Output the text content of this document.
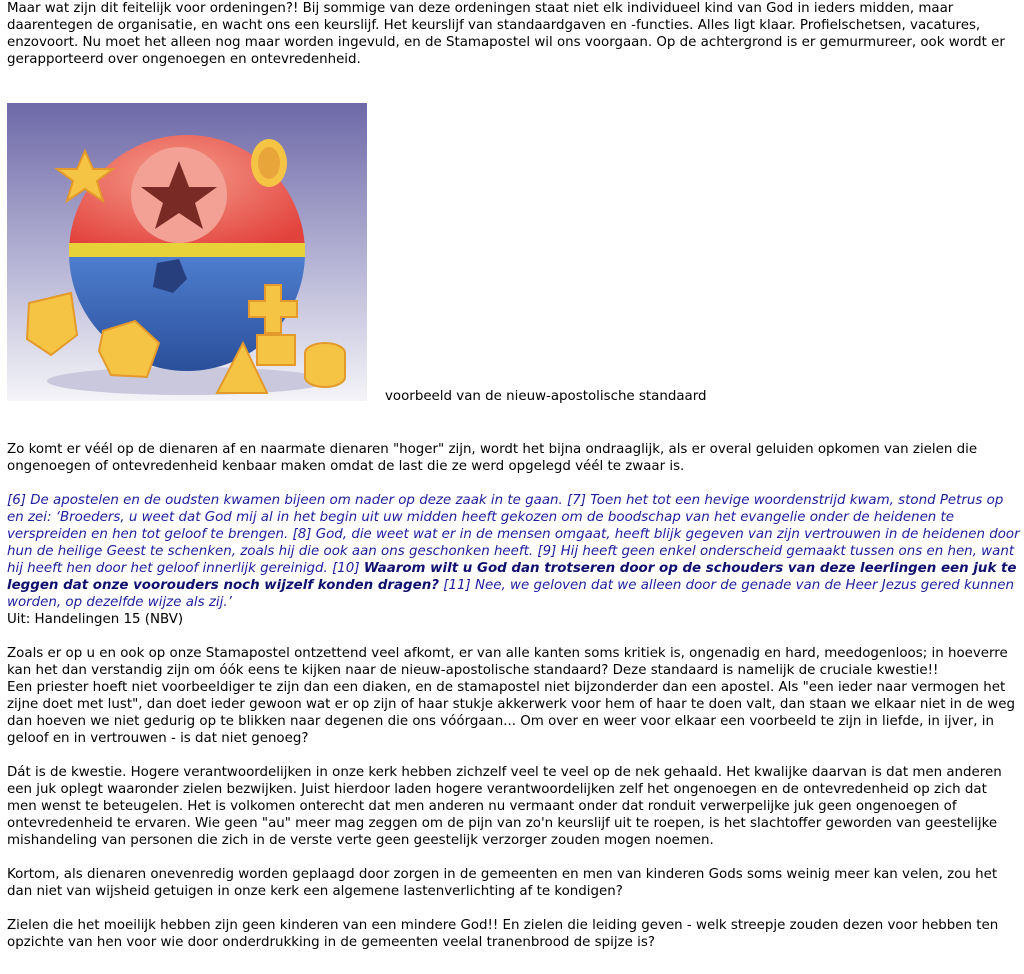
Maar wat zijn dit feitelijk voor ordeningen?! Bij sommige van deze ordeningen staat niet elk individueel kind van God in ieders midden, maar

daarentegen de organisatie, en wacht ons een keurslijf. Het keurslijf van standaardgaven en -functies. Alles ligt klaar. Profielschetsen, vacatures,

enzovoort. Nu moet het alleen nog maar worden ingevuld, en de Stamapostel wil ons voorgaan. Op de achtergrond is er gemurmureer, ook wordt er

gerapporteerd over ongenoegen en ontevredenheid.

voorbeeld van de nieuw-apostolische standaard

Zo komt er véél op de dienaren af en naarmate dienaren "hoger" zijn, wordt het bijna ondraaglijk, als er overal geluiden opkomen van zielen die

ongenoegen of ontevredenheid kenbaar maken omdat de last die ze werd opgelegd véél te zwaar is.

[6] De apostelen en de oudsten kwamen bijeen om nader op deze zaak in te gaan. [7] Toen het tot een hevige woordenstrijd kwam, stond Petrus op

en zei: ‘Broeders, u weet dat God mij al in het begin uit uw midden heeft gekozen om de boodschap van het evangelie onder de heidenen te

verspreiden en hen tot geloof te brengen. [8] God, die weet wat er in de mensen omgaat, heeft blijk gegeven van zijn vertrouwen in de heidenen door

hun de heilige Geest te schenken, zoals hij die ook aan ons geschonken heeft. [9] Hij heeft geen enkel onderscheid gemaakt tussen ons en hen, want

hij heeft hen door het geloof innerlijk gereinigd. [10] Waarom wilt u God dan trotseren door op de schouders van deze leerlingen een juk te

leggen dat onze voorouders noch wijzelf konden dragen? [11] Nee, we geloven dat we alleen door de genade van de Heer Jezus gered kunnen

worden, op dezelfde wijze als zij.’

Uit: Handelingen 15 (NBV)

Zoals er op u en ook op onze Stamapostel ontzettend veel afkomt, er van alle kanten soms kritiek is, ongenadig en hard, meedogenloos; in hoeverre

kan het dan verstandig zijn om óók eens te kijken naar de nieuw-apostolische standaard? Deze standaard is namelijk de cruciale kwestie!!

Een priester hoeft niet voorbeeldiger te zijn dan een diaken, en de stamapostel niet bijzonderder dan een apostel. Als "een ieder naar vermogen het

zijne doet met lust", dan doet ieder gewoon wat er op zijn of haar stukje akkerwerk voor hem of haar te doen valt, dan staan we elkaar niet in de weg

dan hoeven we niet gedurig op te blikken naar degenen die ons vóórgaan... Om over en weer voor elkaar een voorbeeld te zijn in liefde, in ijver, in

geloof en in vertrouwen - is dat niet genoeg?

Dát is de kwestie. Hogere verantwoordelijken in onze kerk hebben zichzelf veel te veel op de nek gehaald. Het kwalijke daarvan is dat men anderen

een juk oplegt waaronder zielen bezwijken. Juist hierdoor laden hogere verantwoordelijken zelf het ongenoegen en de ontevredenheid op zich dat

men wenst te beteugelen. Het is volkomen onterecht dat men anderen nu vermaant onder dat ronduit verwerpelijke juk geen ongenoegen of

ontevredenheid te ervaren. Wie geen "au" meer mag zeggen om de pijn van zo'n keurslijf uit te roepen, is het slachtoffer geworden van geestelijke

mishandeling van personen die zich in de verste verte geen geestelijk verzorger zouden mogen noemen.

Kortom, als dienaren onevenredig worden geplaagd door zorgen in de gemeenten en men van kinderen Gods soms weinig meer kan velen, zou het

dan niet van wijsheid getuigen in onze kerk een algemene lastenverlichting af te kondigen?

Zielen die het moeilijk hebben zijn geen kinderen van een mindere God!! En zielen die leiding geven - welk streepje zouden dezen voor hebben ten

opzichte van hen voor wie door onderdrukking in de gemeenten veelal tranenbrood de spijze is?
